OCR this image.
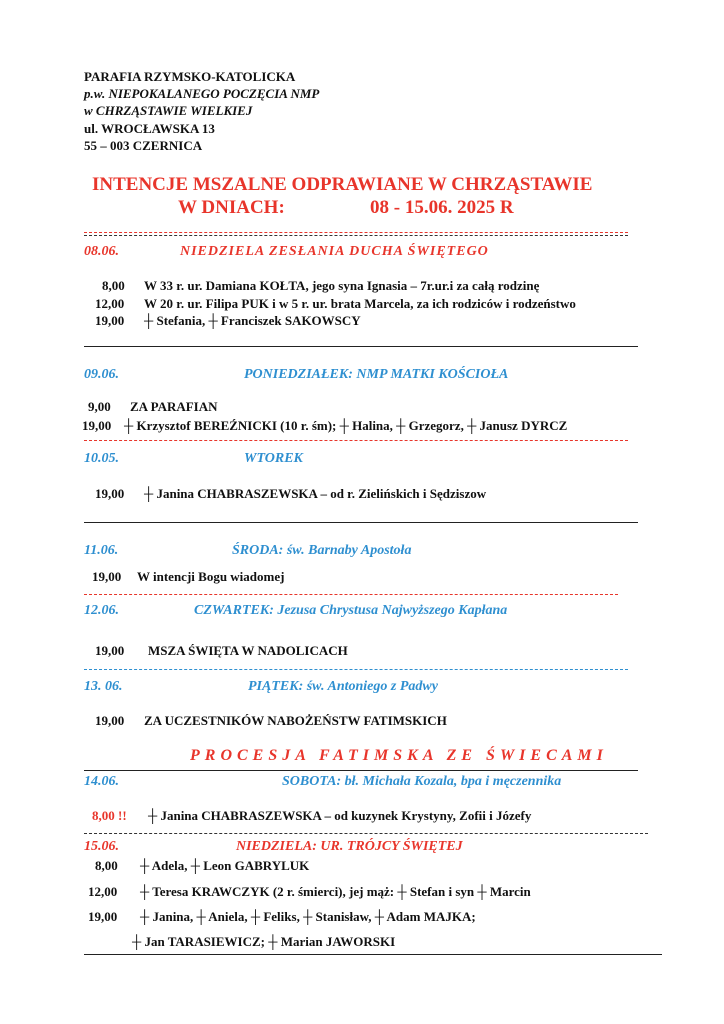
PARAFIA RZYMSKO-KATOLICKA
p.w. NIEPOKALANEGO POCZĘCIA NMP
w CHRZĄSTAWIE WIELKIEJ
ul. WROCŁAWSKA 13
55 – 003 CZERNICA
INTENCJE MSZALNE ODPRAWIANE W CHRZĄSTAWIE
W DNIACH:	08 - 15.06. 2025 R
08.06.	NIEDZIELA ZESŁANIA DUCHA ŚWIĘTEGO
8,00 W 33 r. ur. Damiana KOŁTA, jego syna Ignasia – 7r.ur.i za całą rodzinę
12,00 W 20 r. ur. Filipa PUK i w 5 r. ur. brata Marcela, za ich rodziców i rodzeństwo
19,00 ┼ Stefania, ┼ Franciszek SAKOWSCY
09.06.	PONIEDZIAŁEK: NMP MATKI KOŚCIOŁA
9,00 ZA PARAFIAN
19,00 ┼ Krzysztof BEREŹNICKI (10 r. śm); ┼ Halina, ┼ Grzegorz, ┼ Janusz DYRCZ
10.05.	WTOREK
19,00 ┼ Janina CHABRASZEWSKA – od r. Zielińskich i Sędziszow
11.06.	ŚRODA: św. Barnaby Apostoła
19,00 W intencji Bogu wiadomej
12.06.	CZWARTEK: Jezusa Chrystusa Najwyższego Kapłana
19,00 MSZA ŚWIĘTA W NADOLICACH
13. 06.	PIĄTEK: św. Antoniego z Padwy
19,00 ZA UCZESTNIKÓW NABOŻEŃSTW FATIMSKICH
PROCESJA FATIMSKA ZE ŚWIECAMI
14.06.	SOBOTA: bł. Michała Kozala, bpa i męczennika
8,00 !! ┼ Janina CHABRASZEWSKA – od kuzynek Krystyny, Zofii i Józefy
15.06.	NIEDZIELA: UR. TRÓJCY ŚWIĘTEJ
8,00 ┼ Adela, ┼ Leon GABRYLUK
12,00 ┼ Teresa KRAWCZYK (2 r. śmierci), jej mąż: ┼ Stefan i syn ┼ Marcin
19,00 ┼ Janina, ┼ Aniela, ┼ Feliks, ┼ Stanisław, ┼ Adam MAJKA;
┼ Jan TARASIEWICZ; ┼ Marian JAWORSKI
